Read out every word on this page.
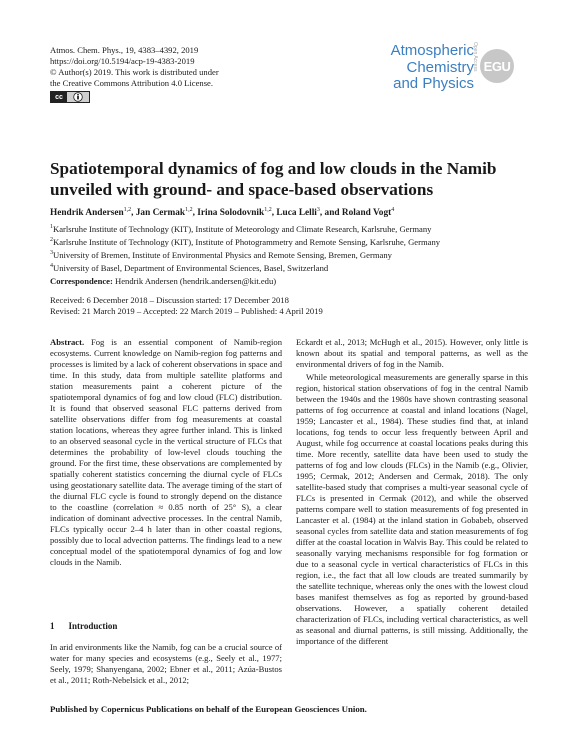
Atmos. Chem. Phys., 19, 4383–4392, 2019
https://doi.org/10.5194/acp-19-4383-2019
© Author(s) 2019. This work is distributed under
the Creative Commons Attribution 4.0 License.
cc
Atmospheric
Chemistry
and Physics
Open Access EGU
Spatiotemporal dynamics of fog and low clouds in the Namib
unveiled with ground- and space-based observations
Hendrik Andersen$^{1,2}$, Jan Cermak$^{1,2}$, Irina Solodovnik$^{1,2}$, Luca Lelli$^3$, and Roland Vogt$^4$
$^1$Karlsruhe Institute of Technology (KIT), Institute of Meteorology and Climate Research, Karlsruhe, Germany
$^2$Karlsruhe Institute of Technology (KIT), Institute of Photogrammetry and Remote Sensing, Karlsruhe, Germany
$^3$University of Bremen, Institute of Environmental Physics and Remote Sensing, Bremen, Germany
$^4$University of Basel, Department of Environmental Sciences, Basel, Switzerland
Correspondence: Hendrik Andersen (hendrik.andersen@kit.edu)
Received: 6 December 2018 – Discussion started: 17 December 2018
Revised: 21 March 2019 – Accepted: 22 March 2019 – Published: 4 April 2019

Abstract. Fog is an essential component of Namib-region ecosystems. Current knowledge on Namib-region fog patterns and processes is limited by a lack of coherent observations in space and time. In this study, data from multiple satellite platforms and station measurements paint a coherent picture of the spatiotemporal dynamics of fog and low cloud (FLC) distribution. It is found that observed seasonal FLC patterns derived from satellite observations differ from fog measurements at coastal station locations, whereas they agree further inland. This is linked to an observed seasonal cycle in the vertical structure of FLCs that determines the probability of low-level clouds touching the ground. For the first time, these observations are complemented by spatially coherent statistics concerning the diurnal cycle of FLCs using geostationary satellite data. The average timing of the start of the diurnal FLC cycle is found to strongly depend on the distance to the coastline (correlation ≈ 0.85 north of 25° S), a clear indication of dominant advective processes. In the central Namib, FLCs typically occur 2–4 h later than in other coastal regions, possibly due to local advection patterns. The findings lead to a new conceptual model of the spatiotemporal dynamics of fog and low clouds in the Namib.

1 Introduction

In arid environments like the Namib, fog can be a crucial source of water for many species and ecosystems (e.g., Seely et al., 1977; Seely, 1979; Shanyengana, 2002; Ebner et al., 2011; Azúa-Bustos et al., 2011; Roth-Nebelsick et al., 2012;

Eckardt et al., 2013; McHugh et al., 2015). However, only little is known about its spatial and temporal patterns, as well as the environmental drivers of fog in the Namib.

While meteorological measurements are generally sparse in this region, historical station observations of fog in the central Namib between the 1940s and the 1980s have shown contrasting seasonal patterns of fog occurrence at coastal and inland locations (Nagel, 1959; Lancaster et al., 1984). These studies find that, at inland locations, fog tends to occur less frequently between April and August, while fog occurrence at coastal locations peaks during this time. More recently, satellite data have been used to study the patterns of fog and low clouds (FLCs) in the Namib (e.g., Olivier, 1995; Cermak, 2012; Andersen and Cermak, 2018). The only satellite-based study that comprises a multi-year seasonal cycle of FLCs is presented in Cermak (2012), and while the observed patterns compare well to station measurements of fog presented in Lancaster et al. (1984) at the inland station in Gobabeb, observed seasonal cycles from satellite data and station measurements of fog differ at the coastal location in Walvis Bay. This could be related to seasonally varying mechanisms responsible for fog formation or due to a seasonal cycle in vertical characteristics of FLCs in this region, i.e., the fact that all low clouds are treated summarily by the satellite technique, whereas only the ones with the lowest cloud bases manifest themselves as fog as reported by ground-based observations. However, a spatially coherent detailed characterization of FLCs, including vertical characteristics, as well as seasonal and diurnal patterns, is still missing. Additionally, the importance of the different

Published by Copernicus Publications on behalf of the European Geosciences Union.
